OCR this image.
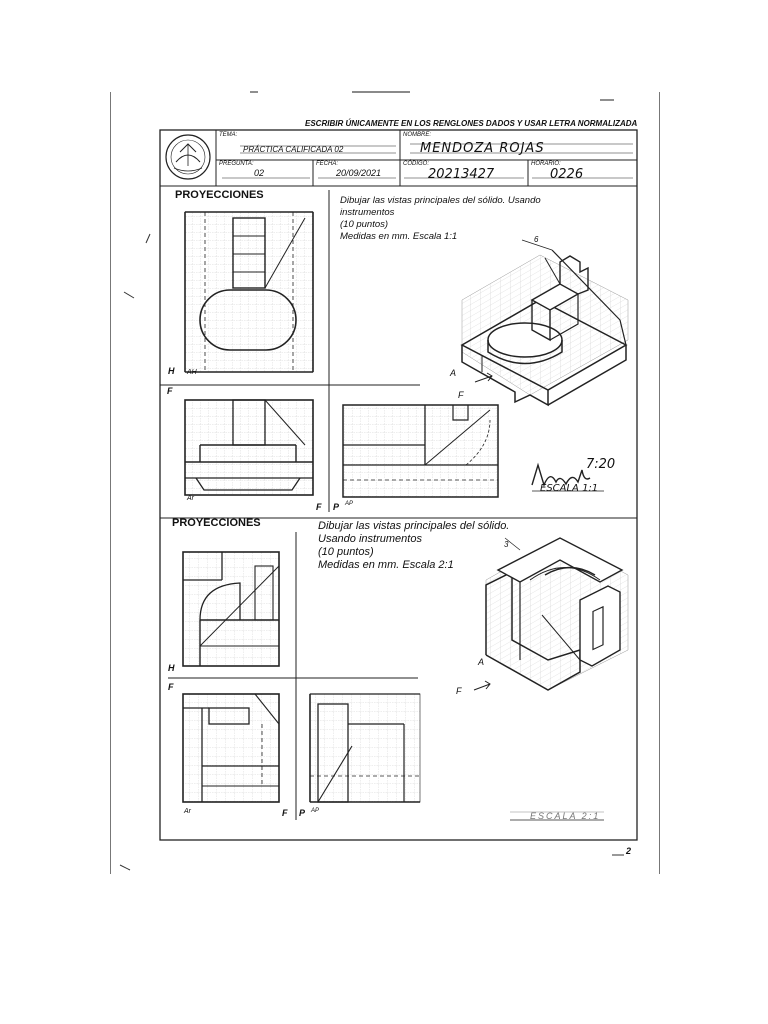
ESCRIBIR ÚNICAMENTE EN LOS RENGLONES DADOS Y USAR LETRA NORMALIZADA
TEMA:
PRÁCTICA CALIFICADA 02
NOMBRE:
MENDOZA ROJAS
PREGUNTA:
02
FECHA:
20/09/2021
CÓDIGO:
20213427
HORARIO:
0226
PROYECCIONES	Dibujar las vistas principales del sólido. Usando
instrumentos
(10 puntos)
Medidas en mm. Escala 1:1	6
H AH
F
Ar
F P AP
A
F
7:20
ESCALA 1:1
PROYECCIONES	Dibujar las vistas principales del sólido.
Usando instrumentos
(10 puntos)
Medidas en mm. Escala 2:1
3
H
F
Ar	F P AP
A
F
ESCALA 2:1
2
